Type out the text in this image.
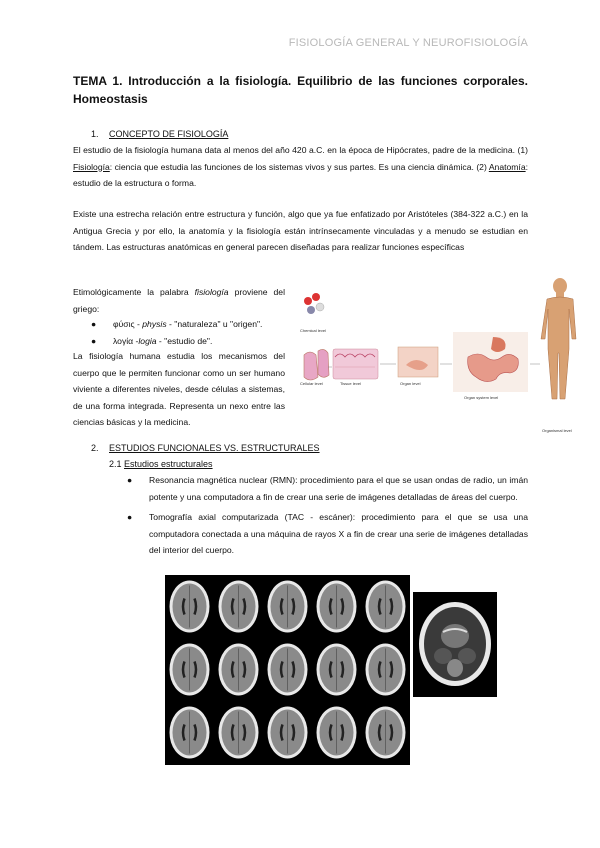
FISIOLOGÍA GENERAL Y NEUROFISIOLOGÍA
TEMA 1. Introducción a la fisiología. Equilibrio de las funciones corporales. Homeostasis
1. CONCEPTO DE FISIOLOGÍA
El estudio de la fisiología humana data al menos del año 420 a.C. en la época de Hipócrates, padre de la medicina. (1) Fisiología: ciencia que estudia las funciones de los sistemas vivos y sus partes. Es una ciencia dinámica. (2) Anatomía: estudio de la estructura o forma.
Existe una estrecha relación entre estructura y función, algo que ya fue enfatizado por Aristóteles (384-322 a.C.) en la Antigua Grecia y por ello, la anatomía y la fisiología están intrínsecamente vinculadas y a menudo se estudian en tándem. Las estructuras anatómicas en general parecen diseñadas para realizar funciones específicas
Etimológicamente la palabra fisiología proviene del griego:
● φύσις - physis - "naturaleza" u "origen".
● λογία -logia - "estudio de".
La fisiología humana estudia los mecanismos del cuerpo que le permiten funcionar como un ser humano viviente a diferentes niveles, desde células a sistemas, de una forma integrada. Representa un nexo entre las ciencias básicas y la medicina.
Chemical level
Cellular level	Tissue level	Organ level
Organ system level
Organismal level
2. ESTUDIOS FUNCIONALES VS. ESTRUCTURALES
2.1 Estudios estructurales
● Resonancia magnética nuclear (RMN): procedimiento para el que se usan ondas de radio, un imán potente y una computadora a fin de crear una serie de imágenes detalladas de áreas del cuerpo.
● Tomografía axial computarizada (TAC - escáner): procedimiento para el que se usa una computadora conectada a una máquina de rayos X a fin de crear una serie de imágenes detalladas del interior del cuerpo.
